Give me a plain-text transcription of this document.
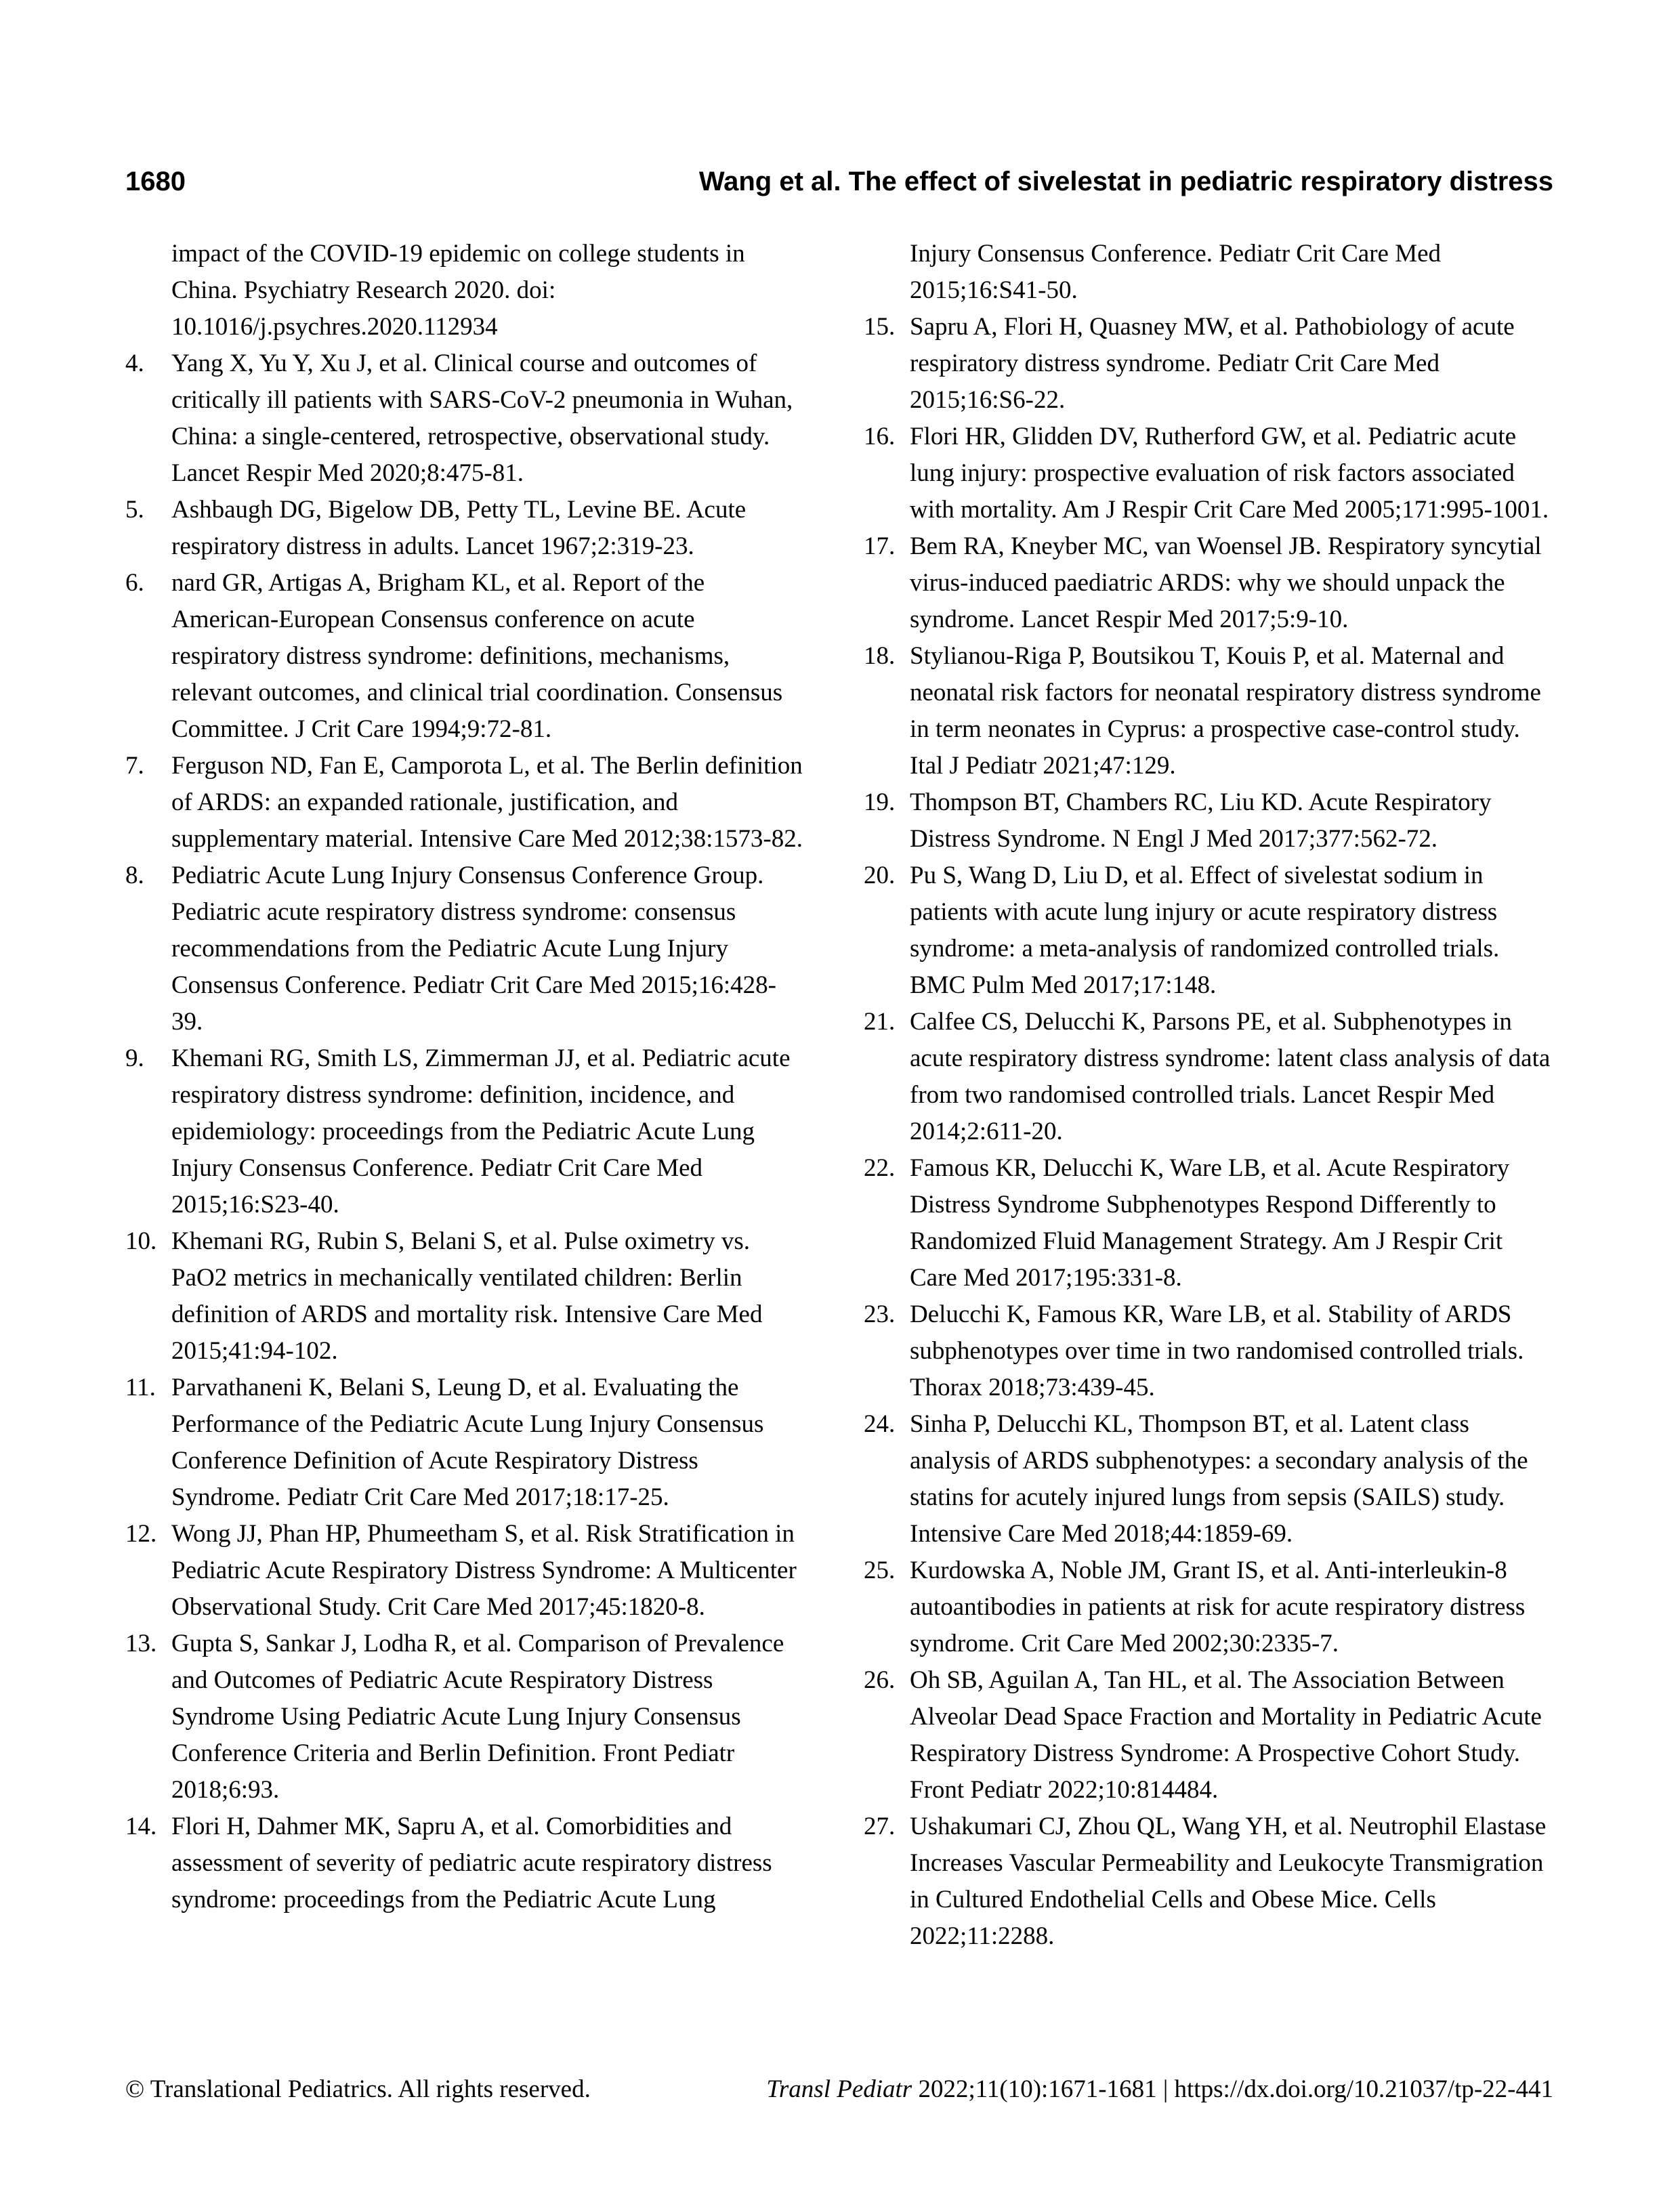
1680	Wang et al. The effect of sivelestat in pediatric respiratory distress
impact of the COVID-19 epidemic on college students in China. Psychiatry Research 2020. doi: 10.1016/j.psychres.2020.112934
4.	Yang X, Yu Y, Xu J, et al. Clinical course and outcomes of critically ill patients with SARS-CoV-2 pneumonia in Wuhan, China: a single-centered, retrospective, observational study. Lancet Respir Med 2020;8:475-81.
5.	Ashbaugh DG, Bigelow DB, Petty TL, Levine BE. Acute respiratory distress in adults. Lancet 1967;2:319-23.
6.	nard GR, Artigas A, Brigham KL, et al. Report of the American-European Consensus conference on acute respiratory distress syndrome: definitions, mechanisms, relevant outcomes, and clinical trial coordination. Consensus Committee. J Crit Care 1994;9:72-81.
7.	Ferguson ND, Fan E, Camporota L, et al. The Berlin definition of ARDS: an expanded rationale, justification, and supplementary material. Intensive Care Med 2012;38:1573-82.
8.	Pediatric Acute Lung Injury Consensus Conference Group. Pediatric acute respiratory distress syndrome: consensus recommendations from the Pediatric Acute Lung Injury Consensus Conference. Pediatr Crit Care Med 2015;16:428-39.
9.	Khemani RG, Smith LS, Zimmerman JJ, et al. Pediatric acute respiratory distress syndrome: definition, incidence, and epidemiology: proceedings from the Pediatric Acute Lung Injury Consensus Conference. Pediatr Crit Care Med 2015;16:S23-40.
10. Khemani RG, Rubin S, Belani S, et al. Pulse oximetry vs. PaO2 metrics in mechanically ventilated children: Berlin definition of ARDS and mortality risk. Intensive Care Med 2015;41:94-102.
11. Parvathaneni K, Belani S, Leung D, et al. Evaluating the Performance of the Pediatric Acute Lung Injury Consensus Conference Definition of Acute Respiratory Distress Syndrome. Pediatr Crit Care Med 2017;18:17-25.
12. Wong JJ, Phan HP, Phumeetham S, et al. Risk Stratification in Pediatric Acute Respiratory Distress Syndrome: A Multicenter Observational Study. Crit Care Med 2017;45:1820-8.
13. Gupta S, Sankar J, Lodha R, et al. Comparison of Prevalence and Outcomes of Pediatric Acute Respiratory Distress Syndrome Using Pediatric Acute Lung Injury Consensus Conference Criteria and Berlin Definition. Front Pediatr 2018;6:93.
14. Flori H, Dahmer MK, Sapru A, et al. Comorbidities and assessment of severity of pediatric acute respiratory distress syndrome: proceedings from the Pediatric Acute Lung
Injury Consensus Conference. Pediatr Crit Care Med 2015;16:S41-50.
15. Sapru A, Flori H, Quasney MW, et al. Pathobiology of acute respiratory distress syndrome. Pediatr Crit Care Med 2015;16:S6-22.
16. Flori HR, Glidden DV, Rutherford GW, et al. Pediatric acute lung injury: prospective evaluation of risk factors associated with mortality. Am J Respir Crit Care Med 2005;171:995-1001.
17. Bem RA, Kneyber MC, van Woensel JB. Respiratory syncytial virus-induced paediatric ARDS: why we should unpack the syndrome. Lancet Respir Med 2017;5:9-10.
18. Stylianou-Riga P, Boutsikou T, Kouis P, et al. Maternal and neonatal risk factors for neonatal respiratory distress syndrome in term neonates in Cyprus: a prospective case-control study. Ital J Pediatr 2021;47:129.
19. Thompson BT, Chambers RC, Liu KD. Acute Respiratory Distress Syndrome. N Engl J Med 2017;377:562-72.
20. Pu S, Wang D, Liu D, et al. Effect of sivelestat sodium in patients with acute lung injury or acute respiratory distress syndrome: a meta-analysis of randomized controlled trials. BMC Pulm Med 2017;17:148.
21. Calfee CS, Delucchi K, Parsons PE, et al. Subphenotypes in acute respiratory distress syndrome: latent class analysis of data from two randomised controlled trials. Lancet Respir Med 2014;2:611-20.
22. Famous KR, Delucchi K, Ware LB, et al. Acute Respiratory Distress Syndrome Subphenotypes Respond Differently to Randomized Fluid Management Strategy. Am J Respir Crit Care Med 2017;195:331-8.
23. Delucchi K, Famous KR, Ware LB, et al. Stability of ARDS subphenotypes over time in two randomised controlled trials. Thorax 2018;73:439-45.
24. Sinha P, Delucchi KL, Thompson BT, et al. Latent class analysis of ARDS subphenotypes: a secondary analysis of the statins for acutely injured lungs from sepsis (SAILS) study. Intensive Care Med 2018;44:1859-69.
25. Kurdowska A, Noble JM, Grant IS, et al. Anti-interleukin-8 autoantibodies in patients at risk for acute respiratory distress syndrome. Crit Care Med 2002;30:2335-7.
26. Oh SB, Aguilan A, Tan HL, et al. The Association Between Alveolar Dead Space Fraction and Mortality in Pediatric Acute Respiratory Distress Syndrome: A Prospective Cohort Study. Front Pediatr 2022;10:814484.
27. Ushakumari CJ, Zhou QL, Wang YH, et al. Neutrophil Elastase Increases Vascular Permeability and Leukocyte Transmigration in Cultured Endothelial Cells and Obese Mice. Cells 2022;11:2288.
© Translational Pediatrics. All rights reserved.	Transl Pediatr 2022;11(10):1671-1681 | https://dx.doi.org/10.21037/tp-22-441
